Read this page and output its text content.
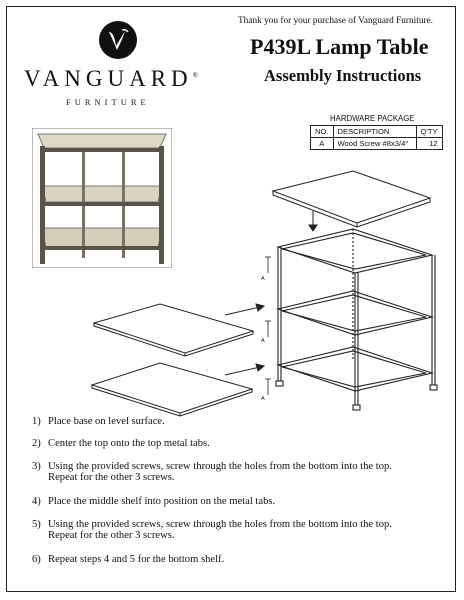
VANGUARD®
FURNITURE
Thank you for your purchase of Vanguard Furniture.
P439L Lamp Table
Assembly Instructions
HARDWARE PACKAGE
NO.	DESCRIPTION	Q'TY
A	Wood Screw #8x3/4"	12
A
A
A
1) Place base on level surface.
2) Center the top onto the top metal tabs.
3) Using the provided screws, screw through the holes from the bottom into the top.
Repeat for the other 3 screws.
4) Place the middle shelf into position on the metal tabs.
5) Using the provided screws, screw through the holes from the bottom into the top.
Repeat for the other 3 screws.
6) Repeat steps 4 and 5 for the bottom shelf.
